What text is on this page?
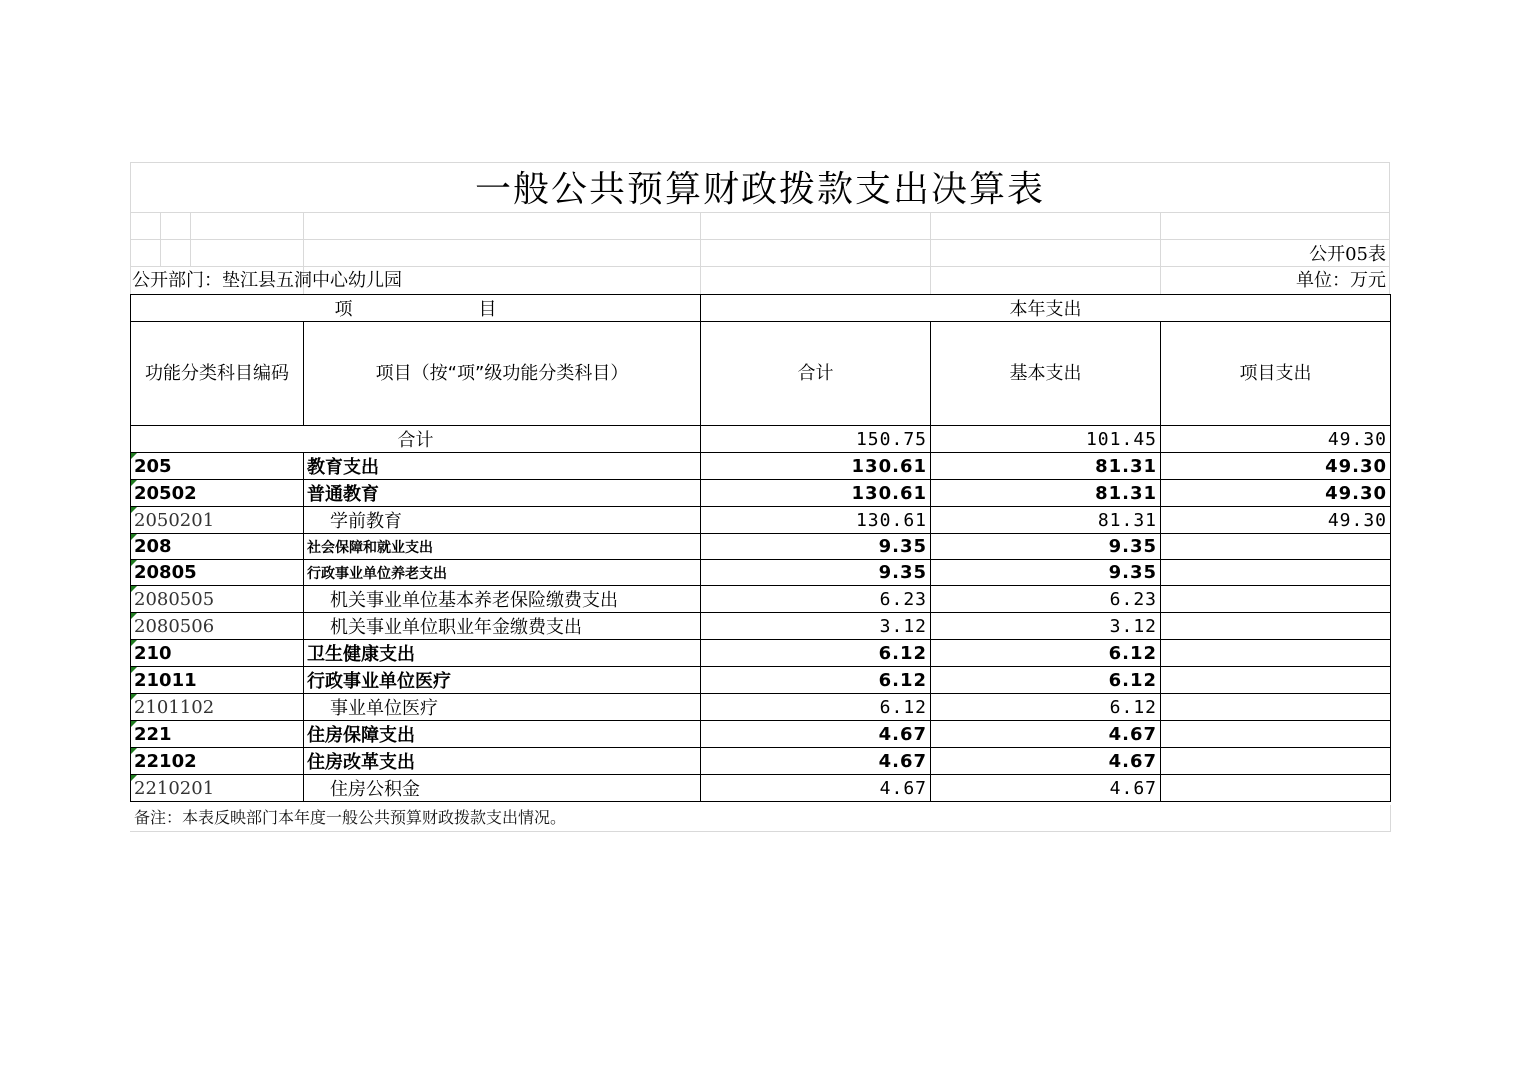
一般公共预算财政拨款支出决算表
公开05表
公开部门：垫江县五洞中心幼儿园	单位：万元
项　　　　　　　目		本年支出		
功能分类科目编码	项目（按“项”级功能分类科目）	合计	基本支出	项目支出
合计		150.75	101.45	49.30
205	教育支出	130.61	81.31	49.30
20502	普通教育	130.61	81.31	49.30
2050201	学前教育	130.61	81.31	49.30
208	社会保障和就业支出	9.35	9.35	
20805	行政事业单位养老支出	9.35	9.35	
2080505	机关事业单位基本养老保险缴费支出	6.23	6.23	
2080506	机关事业单位职业年金缴费支出	3.12	3.12	
210	卫生健康支出	6.12	6.12	
21011	行政事业单位医疗	6.12	6.12	
2101102	事业单位医疗	6.12	6.12	
221	住房保障支出	4.67	4.67	
22102	住房改革支出	4.67	4.67	
2210201	住房公积金	4.67	4.67	
备注：本表反映部门本年度一般公共预算财政拨款支出情况。
